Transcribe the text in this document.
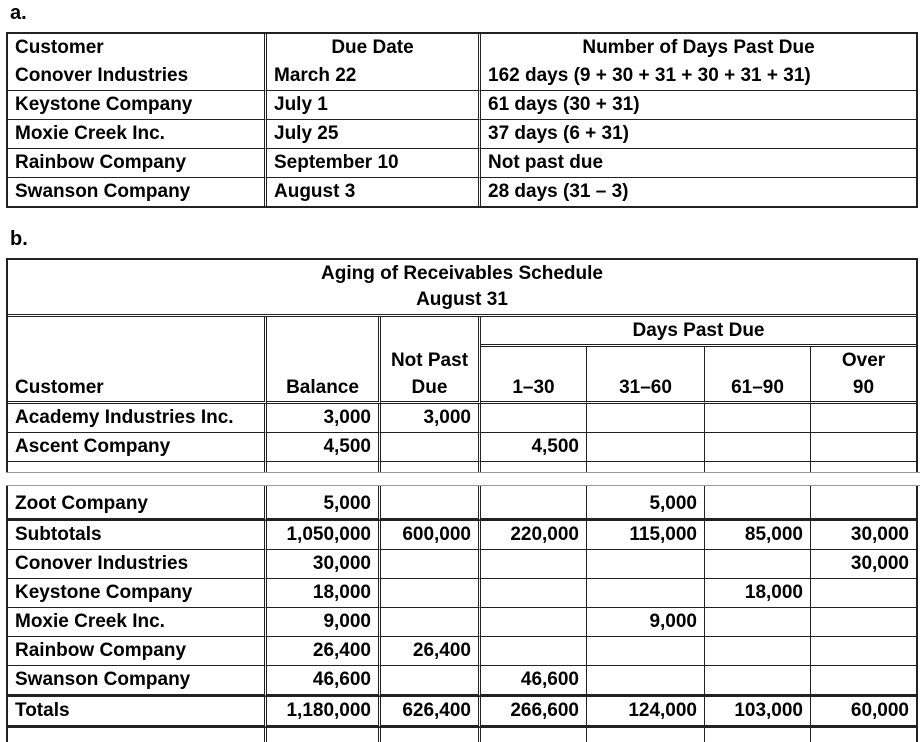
a.
Customer	Due Date	Number of Days Past Due
Conover Industries	March 22	162 days (9 + 30 + 31 + 30 + 31 + 31)
Keystone Company	July 1	61 days (30 + 31)
Moxie Creek Inc.	July 25	37 days (6 + 31)
Rainbow Company	September 10	Not past due
Swanson Company	August 3	28 days (31 – 3)
b.
Aging of Receivables Schedule
August 31						

			Days Past Due			
		Not Past				Over
Customer	Balance	Due	1–30	31–60	61–90	90
Academy Industries Inc.	3,000	3,000				
Ascent Company	4,500		4,500			

Zoot Company	5,000			5,000		
Subtotals	1,050,000	600,000	220,000	115,000	85,000	30,000
Conover Industries	30,000					30,000
Keystone Company	18,000				18,000	
Moxie Creek Inc.	9,000			9,000		
Rainbow Company	26,400	26,400				
Swanson Company	46,600		46,600			
Totals	1,180,000	626,400	266,600	124,000	103,000	60,000
